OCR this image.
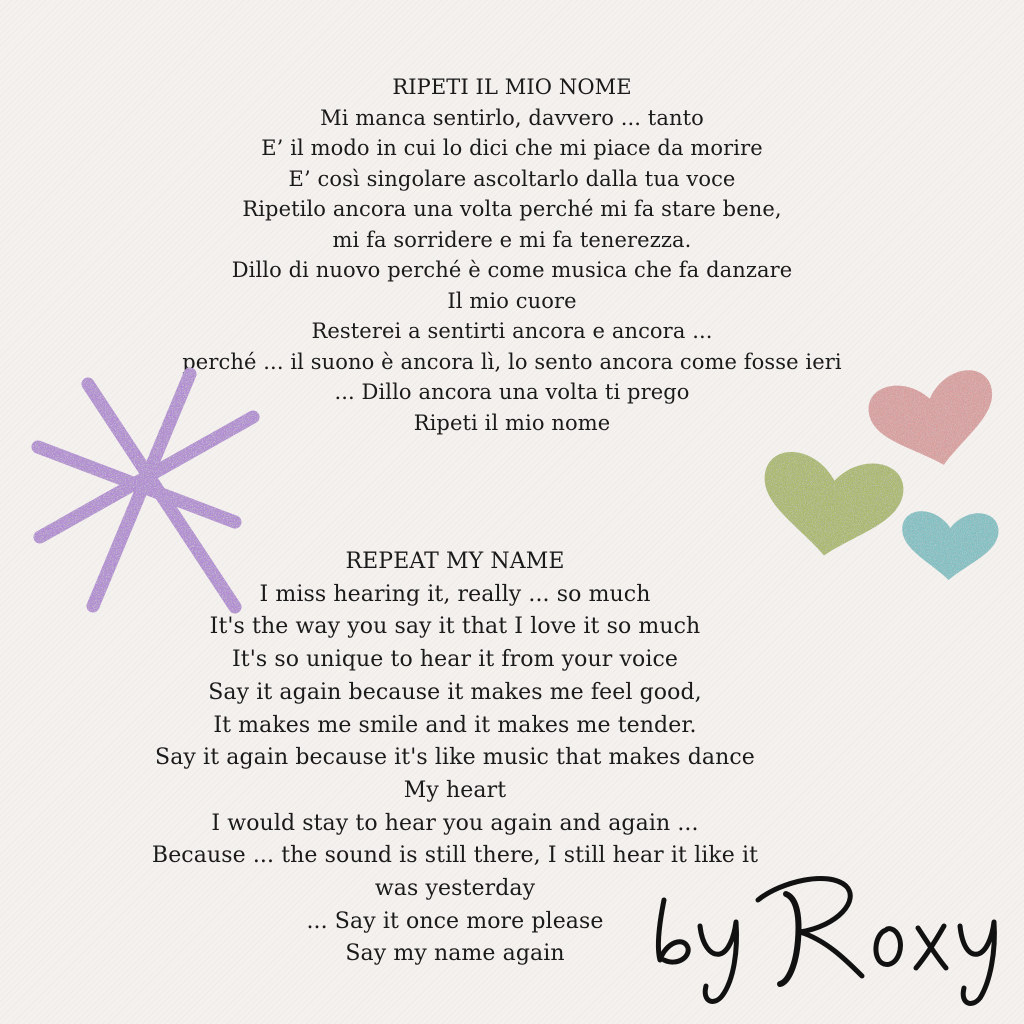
RIPETI IL MIO NOME
Mi manca sentirlo, davvero ... tanto
E’ il modo in cui lo dici che mi piace da morire
E’ così singolare ascoltarlo dalla tua voce
Ripetilo ancora una volta perché mi fa stare bene,
mi fa sorridere e mi fa tenerezza.
Dillo di nuovo perché è come musica che fa danzare
Il mio cuore
Resterei a sentirti ancora e ancora ...
perché ... il suono è ancora lì, lo sento ancora come fosse ieri
... Dillo ancora una volta ti prego
Ripeti il mio nome
REPEAT MY NAME
I miss hearing it, really ... so much
It's the way you say it that I love it so much
It's so unique to hear it from your voice
Say it again because it makes me feel good,
It makes me smile and it makes me tender.
Say it again because it's like music that makes dance
My heart
I would stay to hear you again and again ...
Because ... the sound is still there, I still hear it like it
was yesterday
... Say it once more please
Say my name again
